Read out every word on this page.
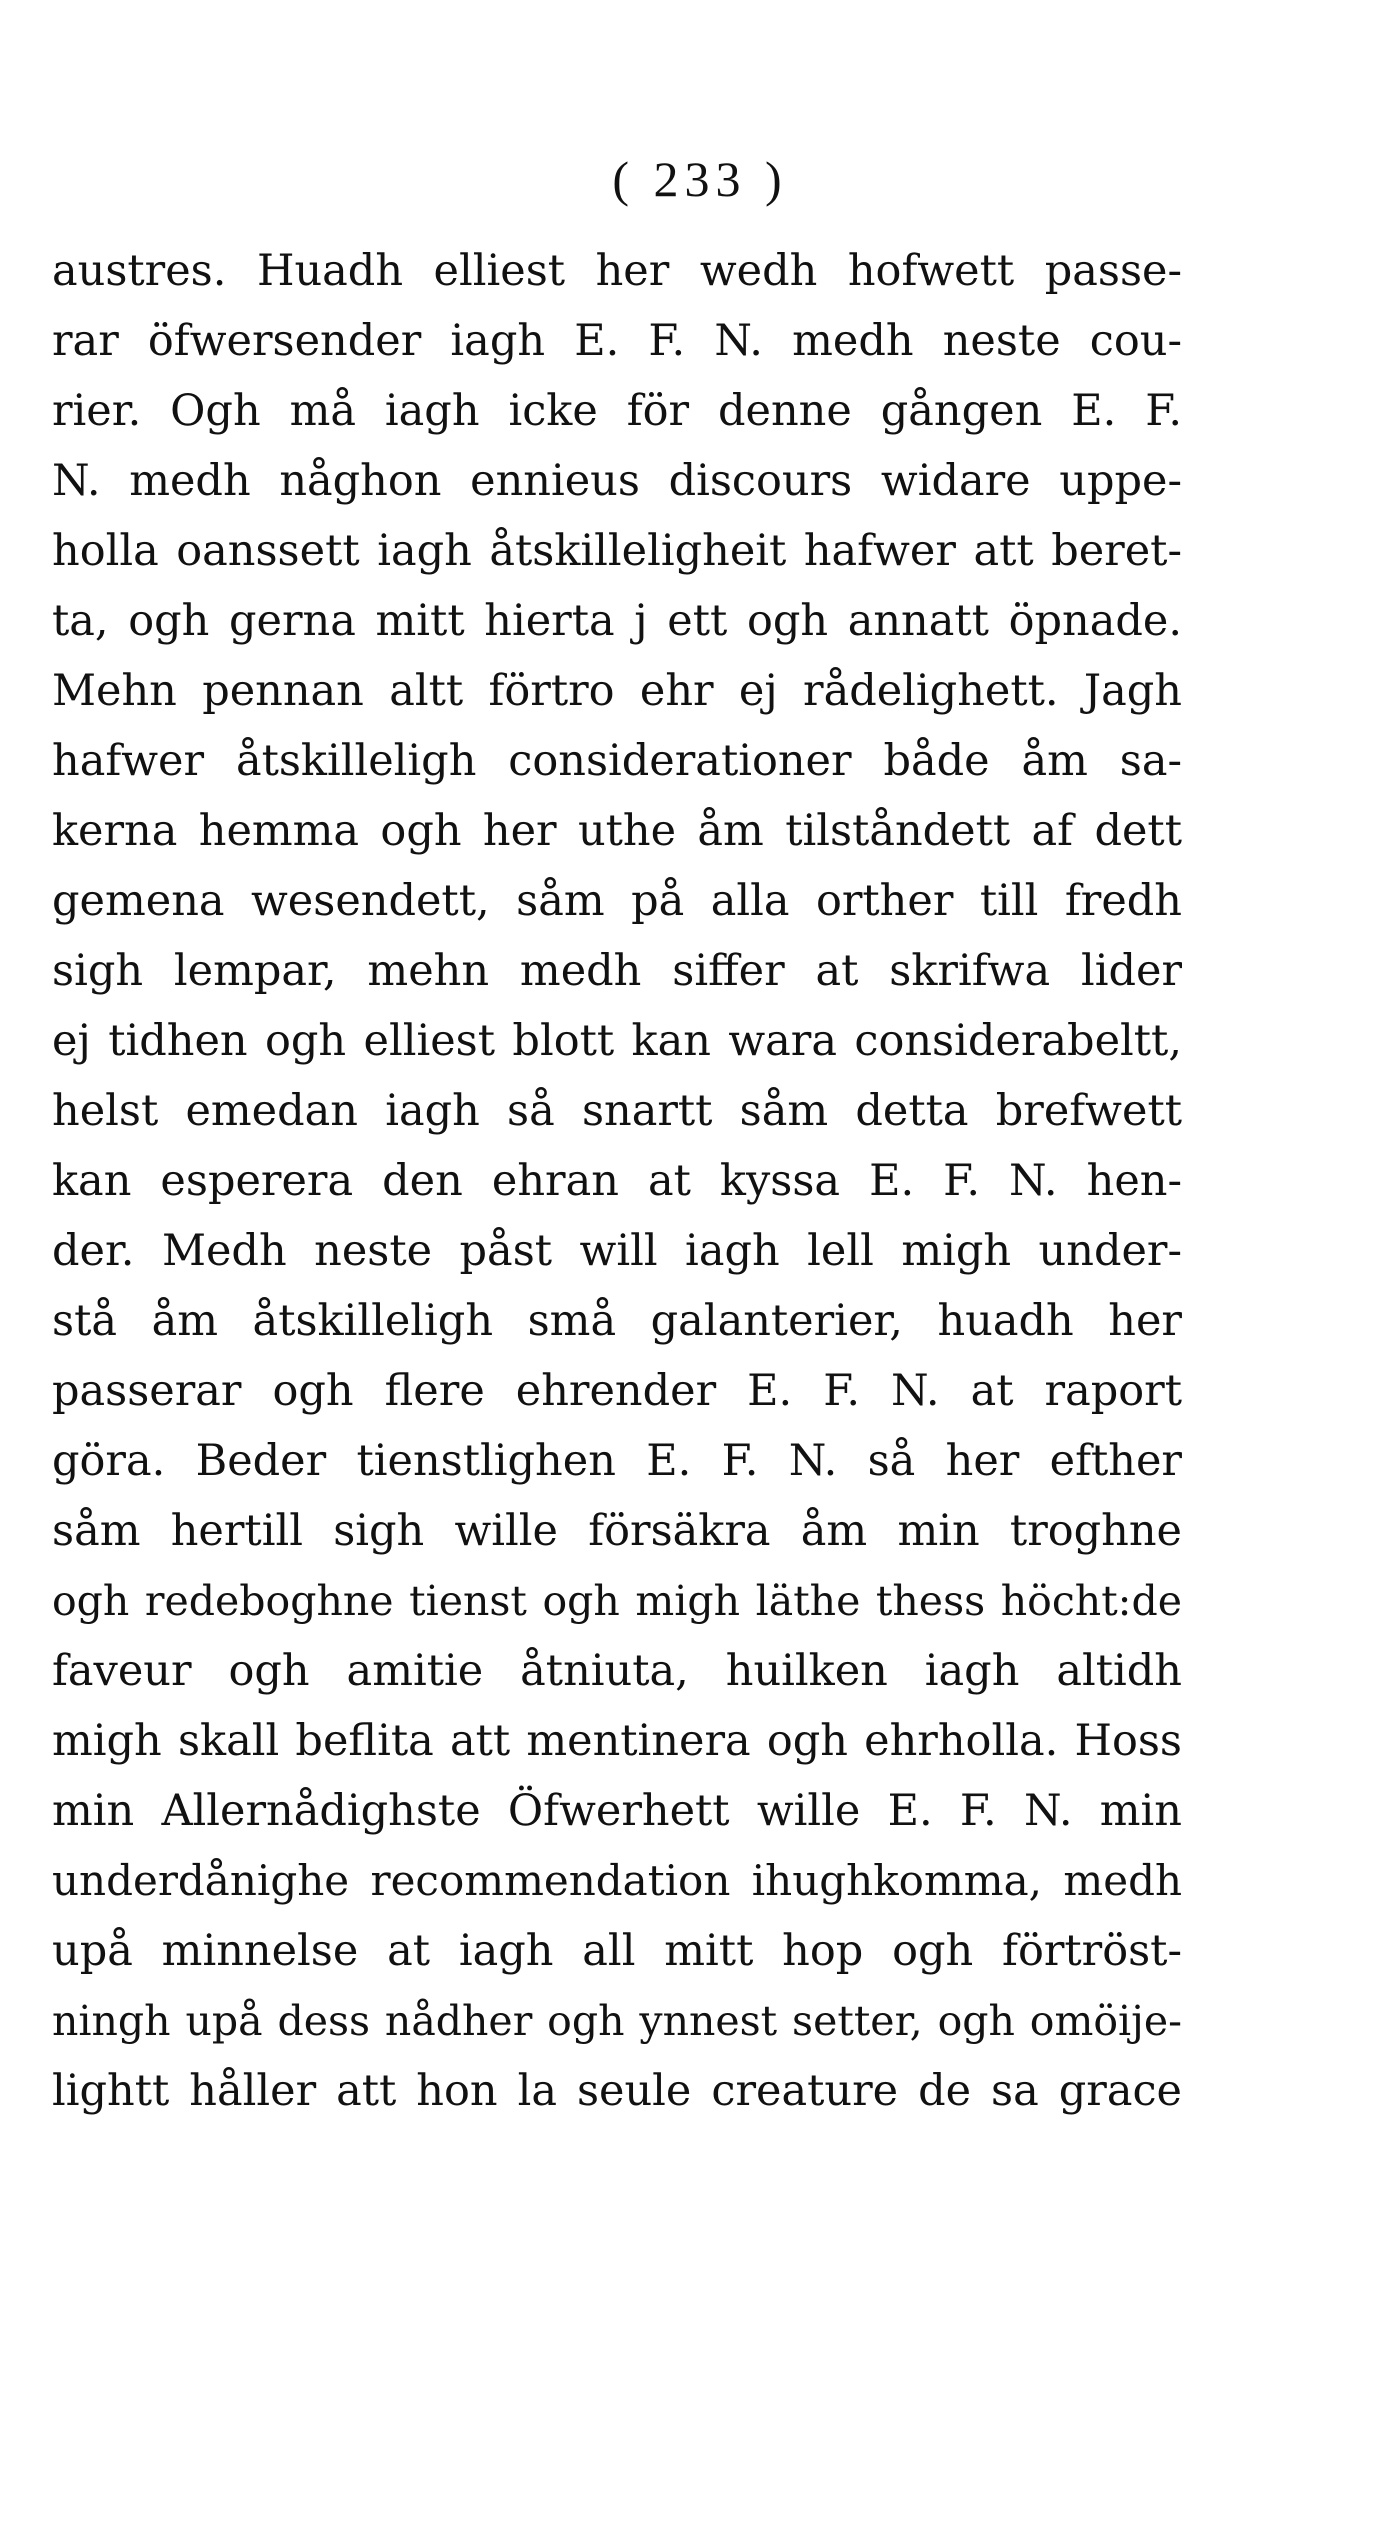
( 233 )
austres. Huadh elliest her wedh hofwett passe-
rar öfwersender iagh E. F. N. medh neste cou-
rier. Ogh må iagh icke för denne gången E. F.
N. medh någhon ennieus discours widare uppe-
holla oanssett iagh åtskilleligheit hafwer att beret-
ta, ogh gerna mitt hierta j ett ogh annatt öpnade.
Mehn pennan altt förtro ehr ej rådelighett. Jagh
hafwer åtskilleligh considerationer både åm sa-
kerna hemma ogh her uthe åm tilståndett af dett
gemena wesendett, såm på alla orther till fredh
sigh lempar, mehn medh siffer at skrifwa lider
ej tidhen ogh elliest blott kan wara considerabeltt,
helst emedan iagh så snartt såm detta brefwett
kan esperera den ehran at kyssa E. F. N. hen-
der. Medh neste påst will iagh lell migh under-
stå åm åtskilleligh små galanterier, huadh her
passerar ogh flere ehrender E. F. N. at raport
göra. Beder tienstlighen E. F. N. så her efther
såm hertill sigh wille försäkra åm min troghne
ogh redeboghne tienst ogh migh läthe thess höcht:de
faveur ogh amitie åtniuta, huilken iagh altidh
migh skall beflita att mentinera ogh ehrholla. Hoss
min Allernådighste Öfwerhett wille E. F. N. min
underdånighe recommendation ihughkomma, medh
upå minnelse at iagh all mitt hop ogh förtröst-
ningh upå dess nådher ogh ynnest setter, ogh omöije-
lightt håller att hon la seule creature de sa grace
